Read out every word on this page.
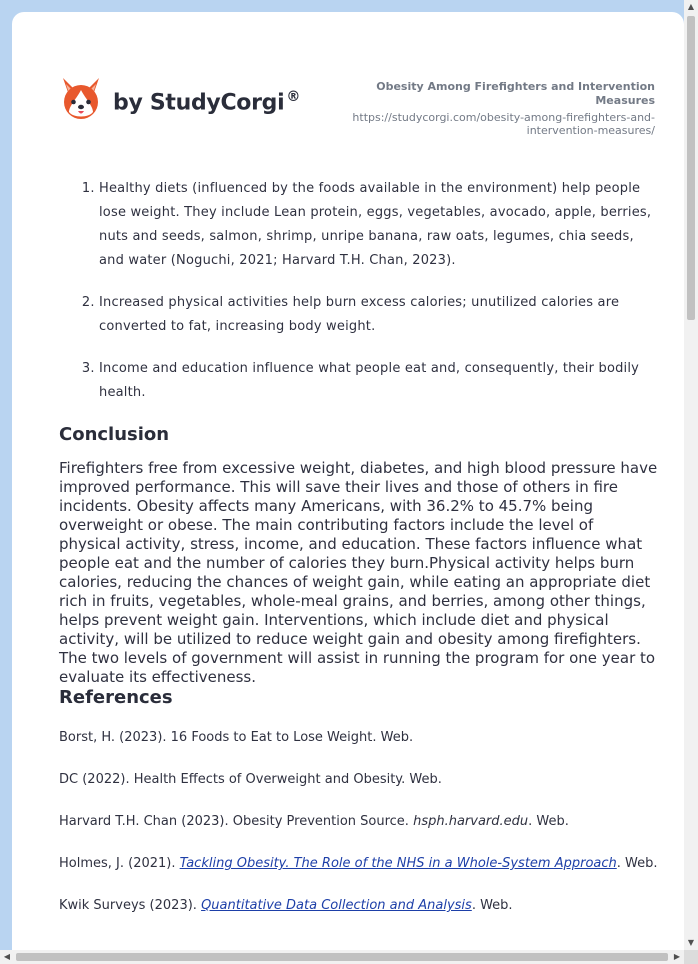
by StudyCorgi ®
Obesity Among Firefighters and Intervention Measures
https://studycorgi.com/obesity-among-firefighters-and-intervention-measures/
1. Healthy diets (influenced by the foods available in the environment) help people lose weight. They include Lean protein, eggs, vegetables, avocado, apple, berries, nuts and seeds, salmon, shrimp, unripe banana, raw oats, legumes, chia seeds, and water (Noguchi, 2021; Harvard T.H. Chan, 2023).
2. Increased physical activities help burn excess calories; unutilized calories are converted to fat, increasing body weight.
3. Income and education influence what people eat and, consequently, their bodily health.
Conclusion

Firefighters free from excessive weight, diabetes, and high blood pressure have improved performance. This will save their lives and those of others in fire incidents. Obesity affects many Americans, with 36.2% to 45.7% being overweight or obese. The main contributing factors include the level of physical activity, stress, income, and education. These factors influence what people eat and the number of calories they burn.Physical activity helps burn calories, reducing the chances of weight gain, while eating an appropriate diet rich in fruits, vegetables, whole-meal grains, and berries, among other things, helps prevent weight gain. Interventions, which include diet and physical activity, will be utilized to reduce weight gain and obesity among firefighters. The two levels of government will assist in running the program for one year to evaluate its effectiveness.

References
Borst, H. (2023). 16 Foods to Eat to Lose Weight. Web.
DC (2022). Health Effects of Overweight and Obesity. Web.
Harvard T.H. Chan (2023). Obesity Prevention Source. hsph.harvard.edu. Web.
Holmes, J. (2021). Tackling Obesity. The Role of the NHS in a Whole-System Approach. Web.
Kwik Surveys (2023). Quantitative Data Collection and Analysis. Web.
▲
▼
◀	▶
